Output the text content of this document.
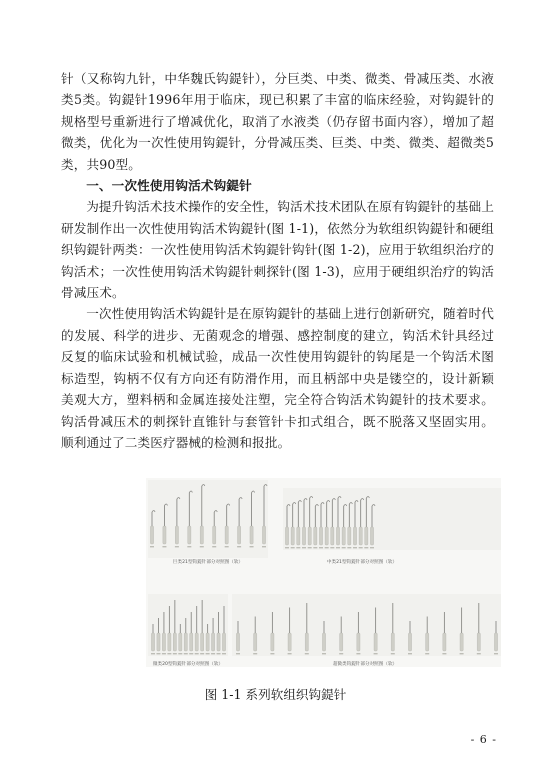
针（又称钩九针，中华魏氏钩鍉针），分巨类、中类、微类、骨减压类、水液类5类。钩鍉针1996年用于临床，现已积累了丰富的临床经验，对钩鍉针的规格型号重新进行了增减优化，取消了水液类（仍存留书面内容），增加了超微类，优化为一次性使用钩鍉针，分骨减压类、巨类、中类、微类、超微类5类，共90型。

一、一次性使用钩活术钩鍉针

为提升钩活术技术操作的安全性，钩活术技术团队在原有钩鍉针的基础上研发制作出一次性使用钩活术钩鍉针(图 1-1)，依然分为软组织钩鍉针和硬组织钩鍉针两类：一次性使用钩活术钩鍉针钩针(图 1-2)，应用于软组织治疗的钩活术；一次性使用钩活术钩鍉针刺探针(图 1-3)，应用于硬组织治疗的钩活骨减压术。

一次性使用钩活术钩鍉针是在原钩鍉针的基础上进行创新研究，随着时代的发展、科学的进步、无菌观念的增强、感控制度的建立，钩活术针具经过反复的临床试验和机械试验，成品一次性使用钩鍉针的钩尾是一个钩活术图标造型，钩柄不仅有方向还有防滑作用，而且柄部中央是镂空的，设计新颖美观大方，塑料柄和金属连接处注塑，完全符合钩活术钩鍉针的技术要求。钩活骨减压术的刺探针直锥针与套管针卡扣式组合，既不脱落又坚固实用。顺利通过了二类医疗器械的检测和报批。

巨类21型钩鍉针部分对照图（软）	中类21型钩鍉针部分对照图（软）
微类20型钩鍉针部分对照图（软）	超微类钩鍉针部分对照图（软）
图 1-1 系列软组织钩鍉针
- 6 -
